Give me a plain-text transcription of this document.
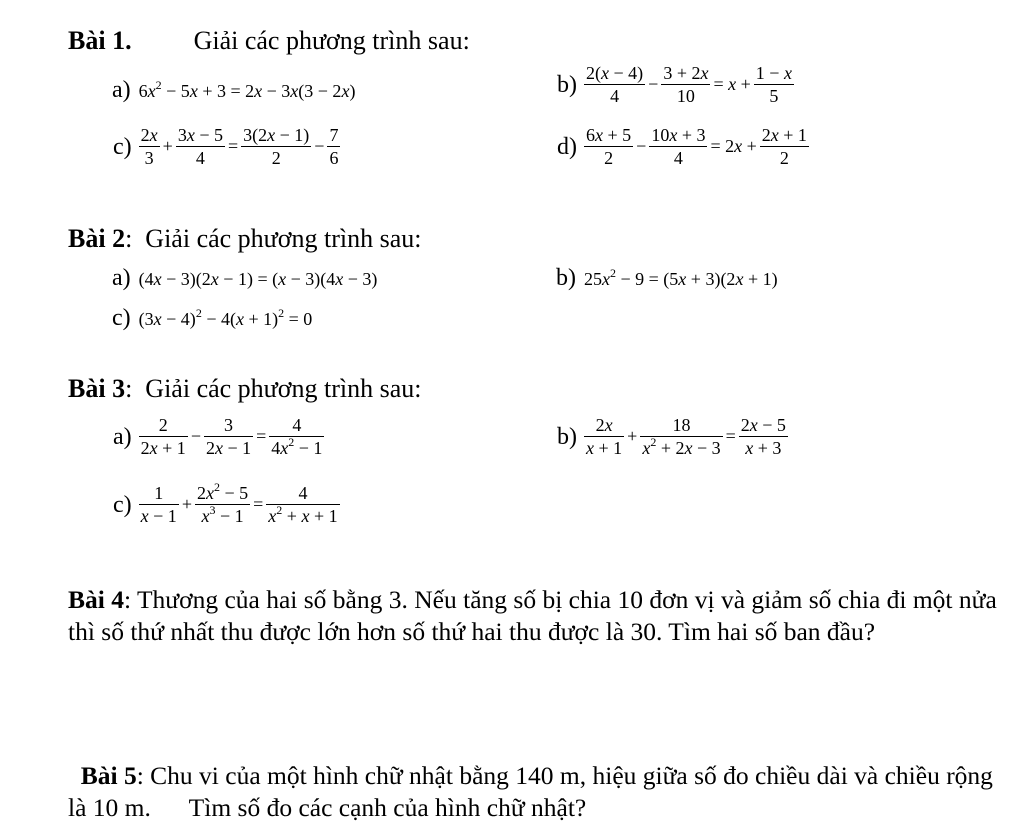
Bài 1. Giải các phương trình sau:
a) $6x^2 - 5x + 3 = 2x - 3x(3 - 2x)$	$b) \frac{2(x - 4)}{4} - \frac{3 + 2x}{10} = x + \frac{1 - x}{5}$
$c) \frac{2x}{3} + \frac{3x - 5}{4} = \frac{3(2x - 1)}{2} - \frac{7}{6}$	$d) \frac{6x + 5}{2} - \frac{10x + 3}{4} = 2x + \frac{2x + 1}{2}$
Bài 2:  Giải các phương trình sau:
a) (4x − 3)(2x − 1) = (x − 3)(4x − 3)	b) $25x^2 - 9 = (5x + 3)(2x + 1)$
c) $(3x - 4)^2 - 4(x + 1)^2 = 0$
Bài 3:  Giải các phương trình sau:
$a) \frac{2}{2x + 1} - \frac{3}{2x - 1} = \frac{4}{4x^2 - 1}$	$b) \frac{2x}{x + 1} + \frac{18}{x^2 + 2x - 3} = \frac{2x - 5}{x + 3}$
$c) \frac{1}{x - 1} + \frac{2x^2 - 5}{x^3 - 1} = \frac{4}{x^2 + x + 1}$
Bài 4: Thương của hai số bằng 3. Nếu tăng số bị chia 10 đơn vị và giảm số chia đi một nửa thì số thứ nhất thu được lớn hơn số thứ hai thu được là 30. Tìm hai số ban đầu?

Bài 5: Chu vi của một hình chữ nhật bằng 140 m, hiệu giữa số đo chiều dài và chiều rộng là 10 m.      Tìm số đo các cạnh của hình chữ nhật?
